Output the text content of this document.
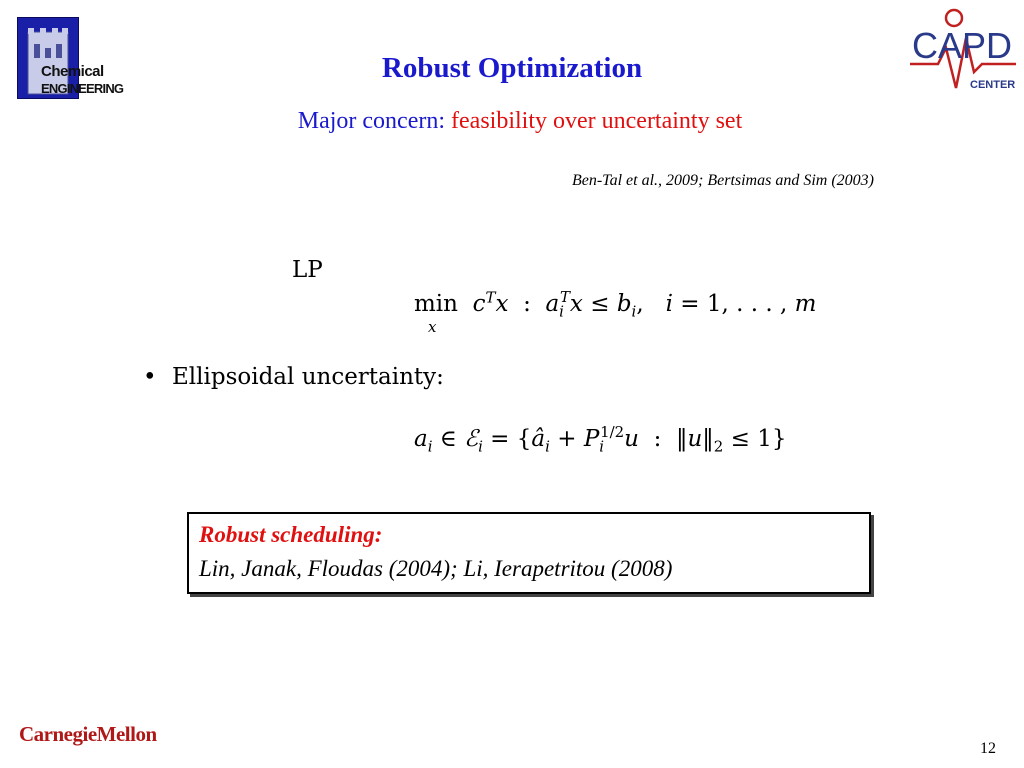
Chemical
ENGINEERING
CAPD
CENTER
Robust Optimization
Major concern: feasibility over uncertainty set
Ben-Tal et al., 2009; Bertsimas and Sim (2003)
LP
$\min c^Tx$  :  $a_i^Tx \le b_i$,   i = 1, . . . , m
x
• Ellipsoidal uncertainty:
$a_i$ ∈ ℰ$_i$ = {$â_i + P_i^{1/2}u$  :  $‖u‖_2 \le 1$}
Robust scheduling:
Lin, Janak, Floudas (2004); Li, Ierapetritou (2008)
CarnegieMellon
12
